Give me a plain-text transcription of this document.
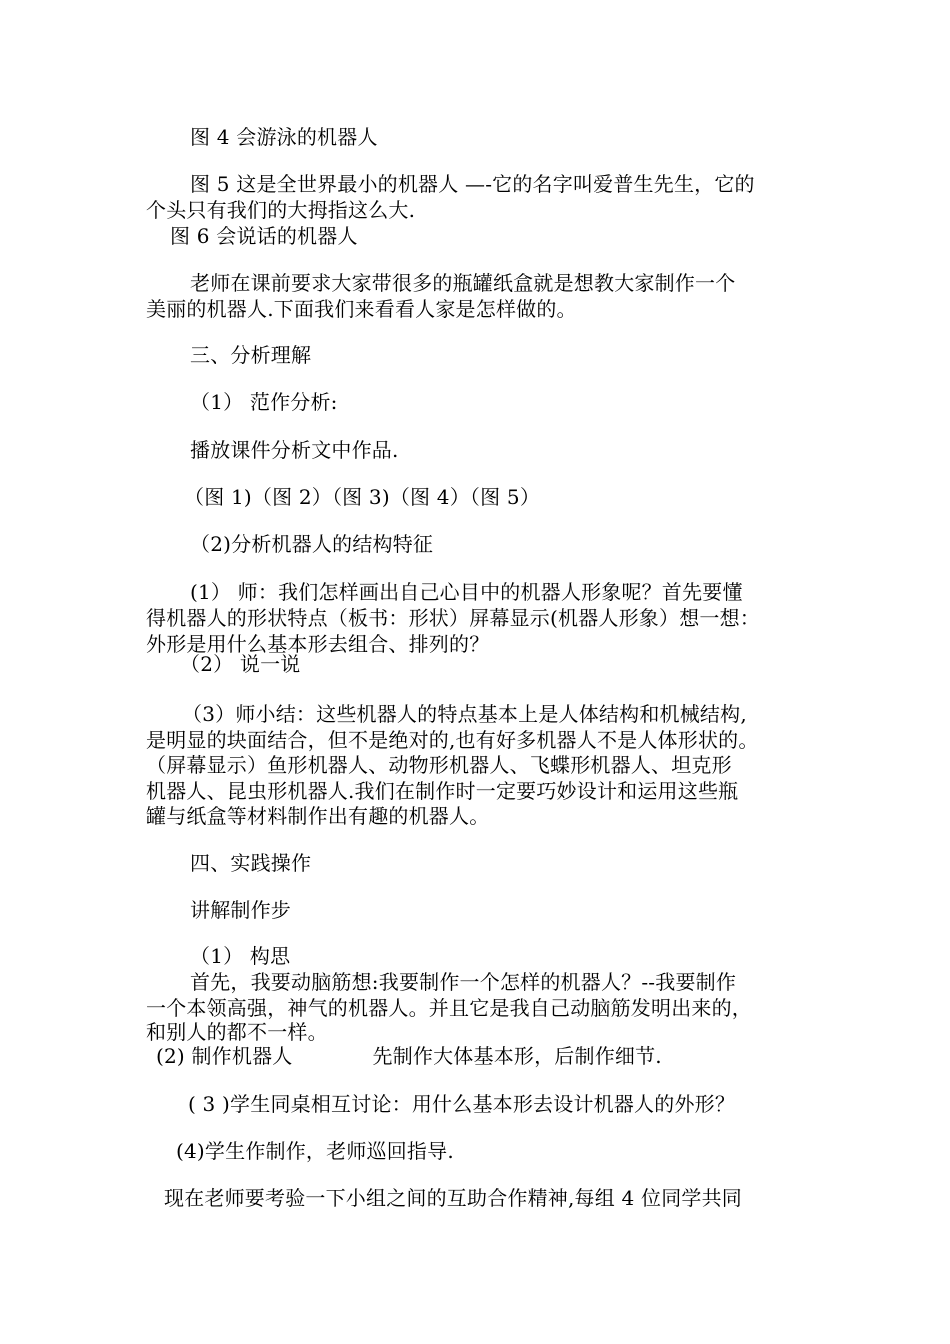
图 4 会游泳的机器人
图 5 这是全世界最小的机器人 —-它的名字叫爱普生先生，它的
个头只有我们的大拇指这么大.
图 6 会说话的机器人
老师在课前要求大家带很多的瓶罐纸盒就是想教大家制作一个
美丽的机器人.下面我们来看看人家是怎样做的。
三、分析理解
（1） 范作分析:
播放课件分析文中作品.
（图 1)（图 2）（图 3)（图 4）（图 5）
（2)分析机器人的结构特征
(1） 师：我们怎样画出自己心目中的机器人形象呢？首先要懂
得机器人的形状特点（板书：形状）屏幕显示(机器人形象）想一想：
外形是用什么基本形去组合、排列的？
（2） 说一说
（3）师小结：这些机器人的特点基本上是人体结构和机械结构,
是明显的块面结合，但不是绝对的,也有好多机器人不是人体形状的。
（屏幕显示）鱼形机器人、动物形机器人、飞蝶形机器人、坦克形
机器人、昆虫形机器人.我们在制作时一定要巧妙设计和运用这些瓶
罐与纸盒等材料制作出有趣的机器人。
四、实践操作
讲解制作步
（1） 构思
首先，我要动脑筋想:我要制作一个怎样的机器人？--我要制作
一个本领高强，神气的机器人。并且它是我自己动脑筋发明出来的，
和别人的都不一样。
(2) 制作机器人	先制作大体基本形，后制作细节.
( 3 )学生同桌相互讨论：用什么基本形去设计机器人的外形？
(4)学生作制作，老师巡回指导.
现在老师要考验一下小组之间的互助合作精神,每组 4 位同学共同
